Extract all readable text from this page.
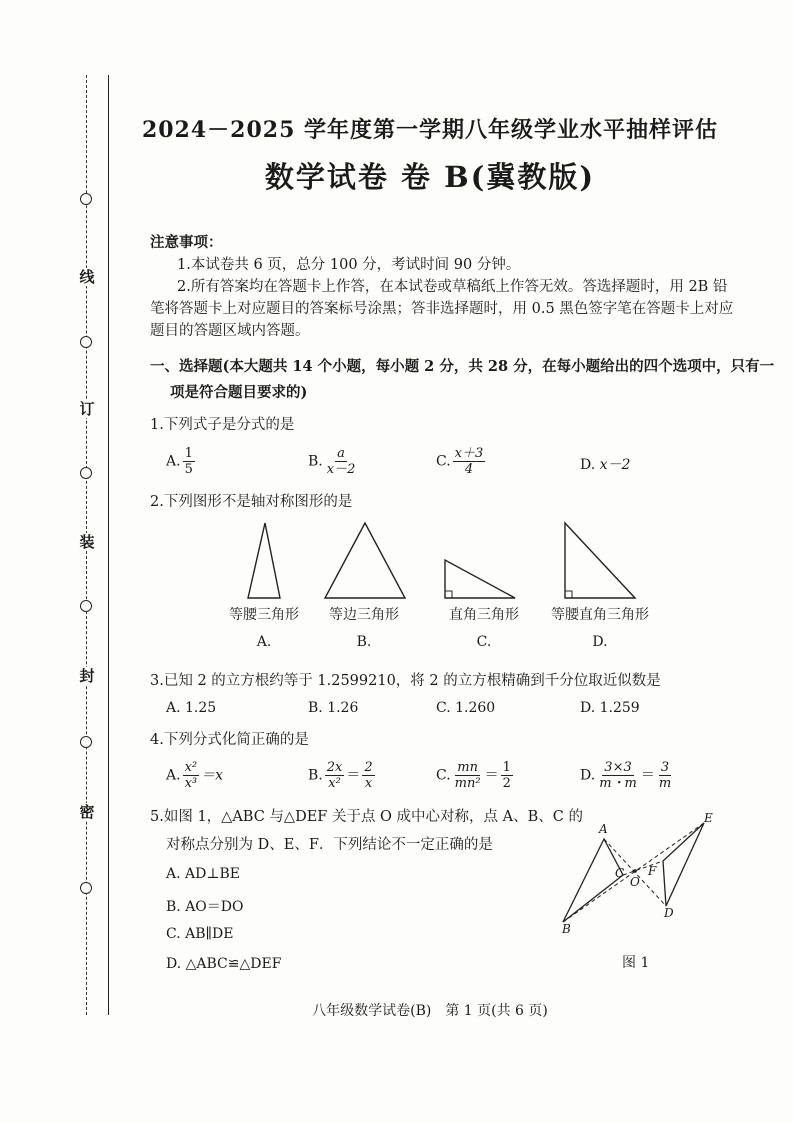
线
订
装
封
密
2024－2025 学年度第一学期八年级学业水平抽样评估
数学试卷 卷 B(冀教版)
注意事项：
1.本试卷共 6 页，总分 100 分，考试时间 90 分钟。
2.所有答案均在答题卡上作答，在本试卷或草稿纸上作答无效。答选择题时，用 2B 铅
笔将答题卡上对应题目的答案标号涂黑；答非选择题时，用 0.5 黑色签字笔在答题卡上对应
题目的答题区域内答题。
一、选择题(本大题共 14 个小题，每小题 2 分，共 28 分，在每小题给出的四个选项中，只有一
项是符合题目要求的)
1.下列式子是分式的是
A. $\frac{1}{5}$	B. $\frac{a}{x-2}$	C. $\frac{x+3}{4}$	D. x－2
2.下列图形不是轴对称图形的是
等腰三角形	等边三角形	直角三角形	等腰直角三角形
A.	B.	C.	D.
3.已知 2 的立方根约等于 1.2599210，将 2 的立方根精确到千分位取近似数是
A. 1.25	B. 1.26	C. 1.260	D. 1.259
4.下列分式化简正确的是
A. $\frac{\text{x²}}{\text{x³}} =x$	B. $\frac{2x}{\text{x²}} = \frac{2}{x}$	C. $\frac{mn}{\text{mn²}} = \frac{1}{2}$	D. $\frac{3\times 3}{m・m} = \frac{3}{m}$
5.如图 1，△ABC 与△DEF 关于点 O 成中心对称，点 A、B、C 的
对称点分别为 D、E、F．下列结论不一定正确的是
A. AD⊥BE
B. AO＝DO
C. AB∥DE
D. △ABC≌△DEF
A
B
C
O
F
E
D
图 1
八年级数学试卷(B)　第 1 页(共 6 页)
